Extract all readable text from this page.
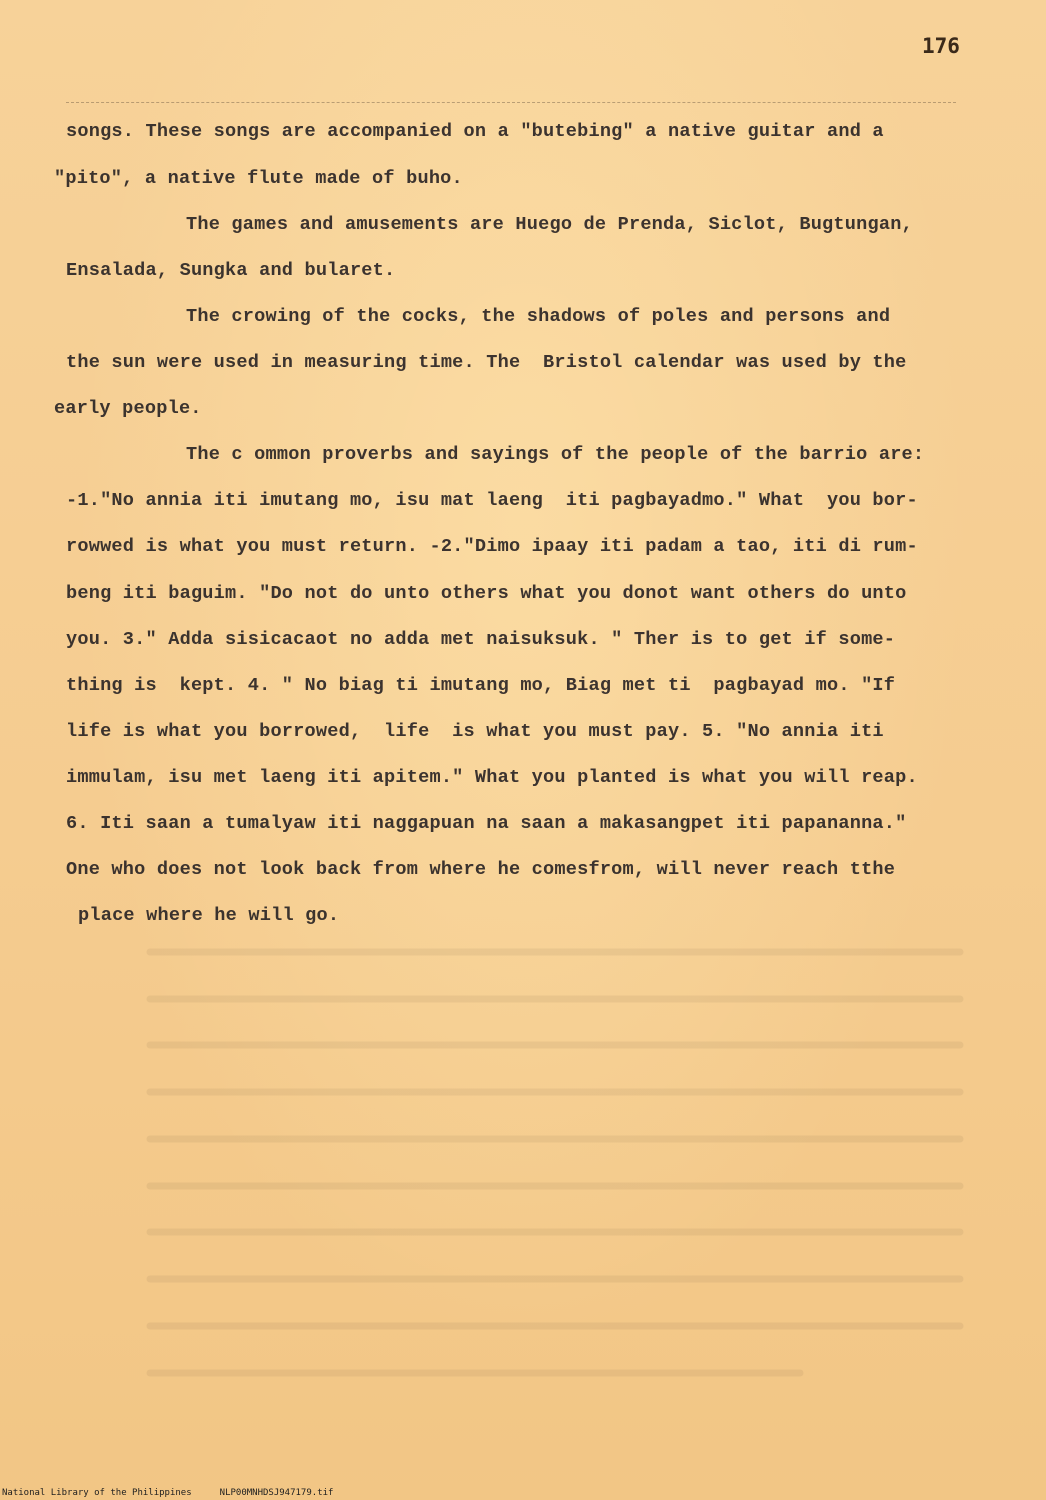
176
songs. These songs are accompanied on a "butebing" a native guitar and a
"pito", a native flute made of buho.
The games and amusements are Huego de Prenda, Siclot, Bugtungan,
Ensalada, Sungka and bularet.
The crowing of the cocks, the shadows of poles and persons and
the sun were used in measuring time. The  Bristol calendar was used by the
early people.
The c ommon proverbs and sayings of the people of the barrio are:
-1."No annia iti imutang mo, isu mat laeng  iti pagbayadmo." What  you bor-
rowwed is what you must return. -2."Dimo ipaay iti padam a tao, iti di rum-
beng iti baguim. "Do not do unto others what you donot want others do unto
you. 3." Adda sisicacaot no adda met naisuksuk. " Ther is to get if some-
thing is  kept. 4. " No biag ti imutang mo, Biag met ti  pagbayad mo. "If
life is what you borrowed,  life  is what you must pay. 5. "No annia iti
immulam, isu met laeng iti apitem." What you planted is what you will reap.
6. Iti saan a tumalyaw iti naggapuan na saan a makasangpet iti papananna."
One who does not look back from where he comesfrom, will never reach tthe
place where he will go.
National Library of the Philippines	NLP00MNHDSJ947179.tif
